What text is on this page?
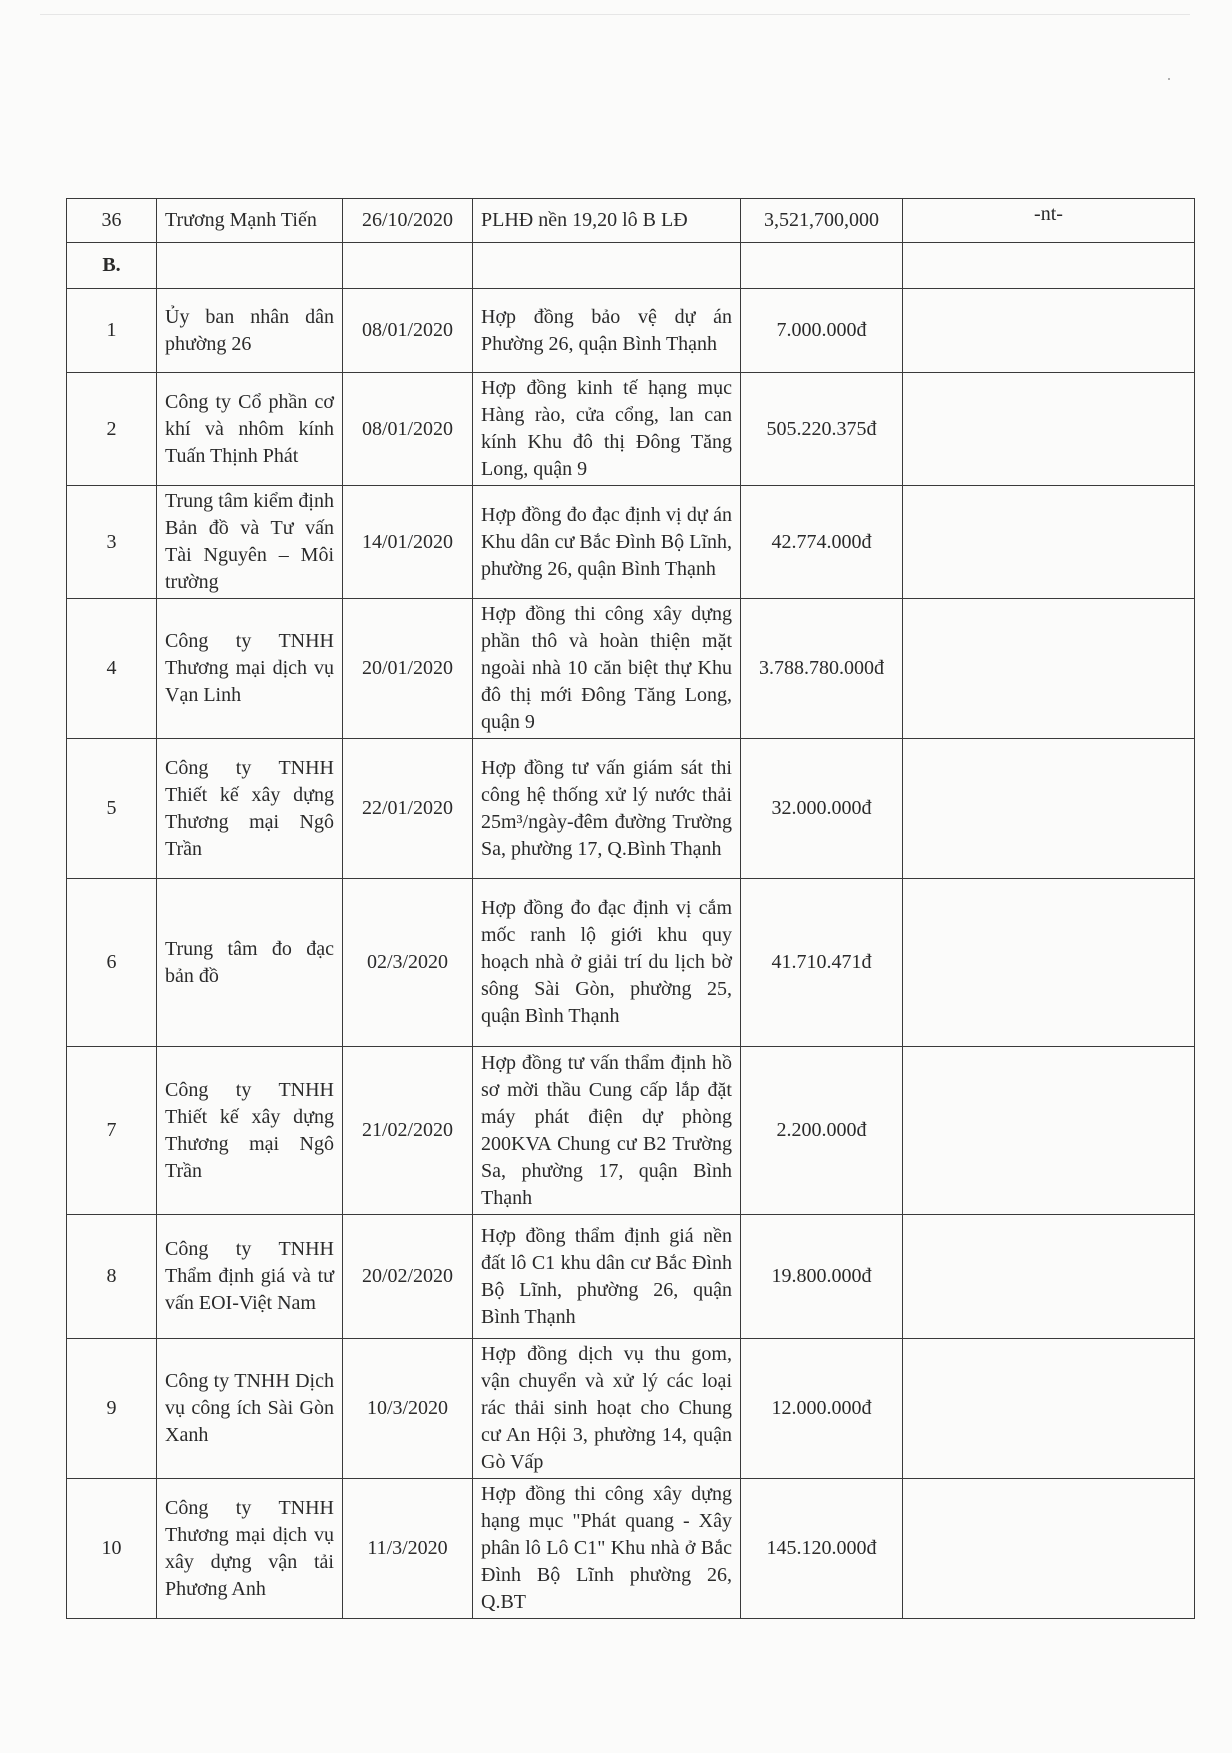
36	Trương Mạnh Tiến	26/10/2020	PLHĐ nền 19,20 lô B LĐ	3,521,700,000	-nt-
B.					
1	Ủy ban nhân dân phường 26	08/01/2020	Hợp đồng bảo vệ dự án Phường 26, quận Bình Thạnh	7.000.000đ	
2	Công ty Cổ phần cơ khí và nhôm kính Tuấn Thịnh Phát	08/01/2020	Hợp đồng kinh tế hạng mục Hàng rào, cửa cổng, lan can kính Khu đô thị Đông Tăng Long, quận 9	505.220.375đ	
3	Trung tâm kiểm định Bản đồ và Tư vấn Tài Nguyên – Môi trường	14/01/2020	Hợp đồng đo đạc định vị dự án Khu dân cư Bắc Đình Bộ Lĩnh, phường 26, quận Bình Thạnh	42.774.000đ	
4	Công ty TNHH Thương mại dịch vụ Vạn Linh	20/01/2020	Hợp đồng thi công xây dựng phần thô và hoàn thiện mặt ngoài nhà 10 căn biệt thự Khu đô thị mới Đông Tăng Long, quận 9	3.788.780.000đ	
5	Công ty TNHH Thiết kế xây dựng Thương mại Ngô Trần	22/01/2020	Hợp đồng tư vấn giám sát thi công hệ thống xử lý nước thải 25m³/ngày-đêm đường Trường Sa, phường 17, Q.Bình Thạnh	32.000.000đ	
6	Trung tâm đo đạc bản đồ	02/3/2020	Hợp đồng đo đạc định vị cắm mốc ranh lộ giới khu quy hoạch nhà ở giải trí du lịch bờ sông Sài Gòn, phường 25, quận Bình Thạnh	41.710.471đ	
7	Công ty TNHH Thiết kế xây dựng Thương mại Ngô Trần	21/02/2020	Hợp đồng tư vấn thẩm định hồ sơ mời thầu Cung cấp lắp đặt máy phát điện dự phòng 200KVA Chung cư B2 Trường Sa, phường 17, quận Bình Thạnh	2.200.000đ	
8	Công ty TNHH Thẩm định giá và tư vấn EOI-Việt Nam	20/02/2020	Hợp đồng thẩm định giá nền đất lô C1 khu dân cư Bắc Đình Bộ Lĩnh, phường 26, quận Bình Thạnh	19.800.000đ	
9	Công ty TNHH Dịch vụ công ích Sài Gòn Xanh	10/3/2020	Hợp đồng dịch vụ thu gom, vận chuyển và xử lý các loại rác thải sinh hoạt cho Chung cư An Hội 3, phường 14, quận Gò Vấp	12.000.000đ	
10	Công ty TNHH Thương mại dịch vụ xây dựng vận tải Phương Anh	11/3/2020	Hợp đồng thi công xây dựng hạng mục "Phát quang - Xây phân lô Lô C1" Khu nhà ở Bắc Đình Bộ Lĩnh phường 26, Q.BT	145.120.000đ	
